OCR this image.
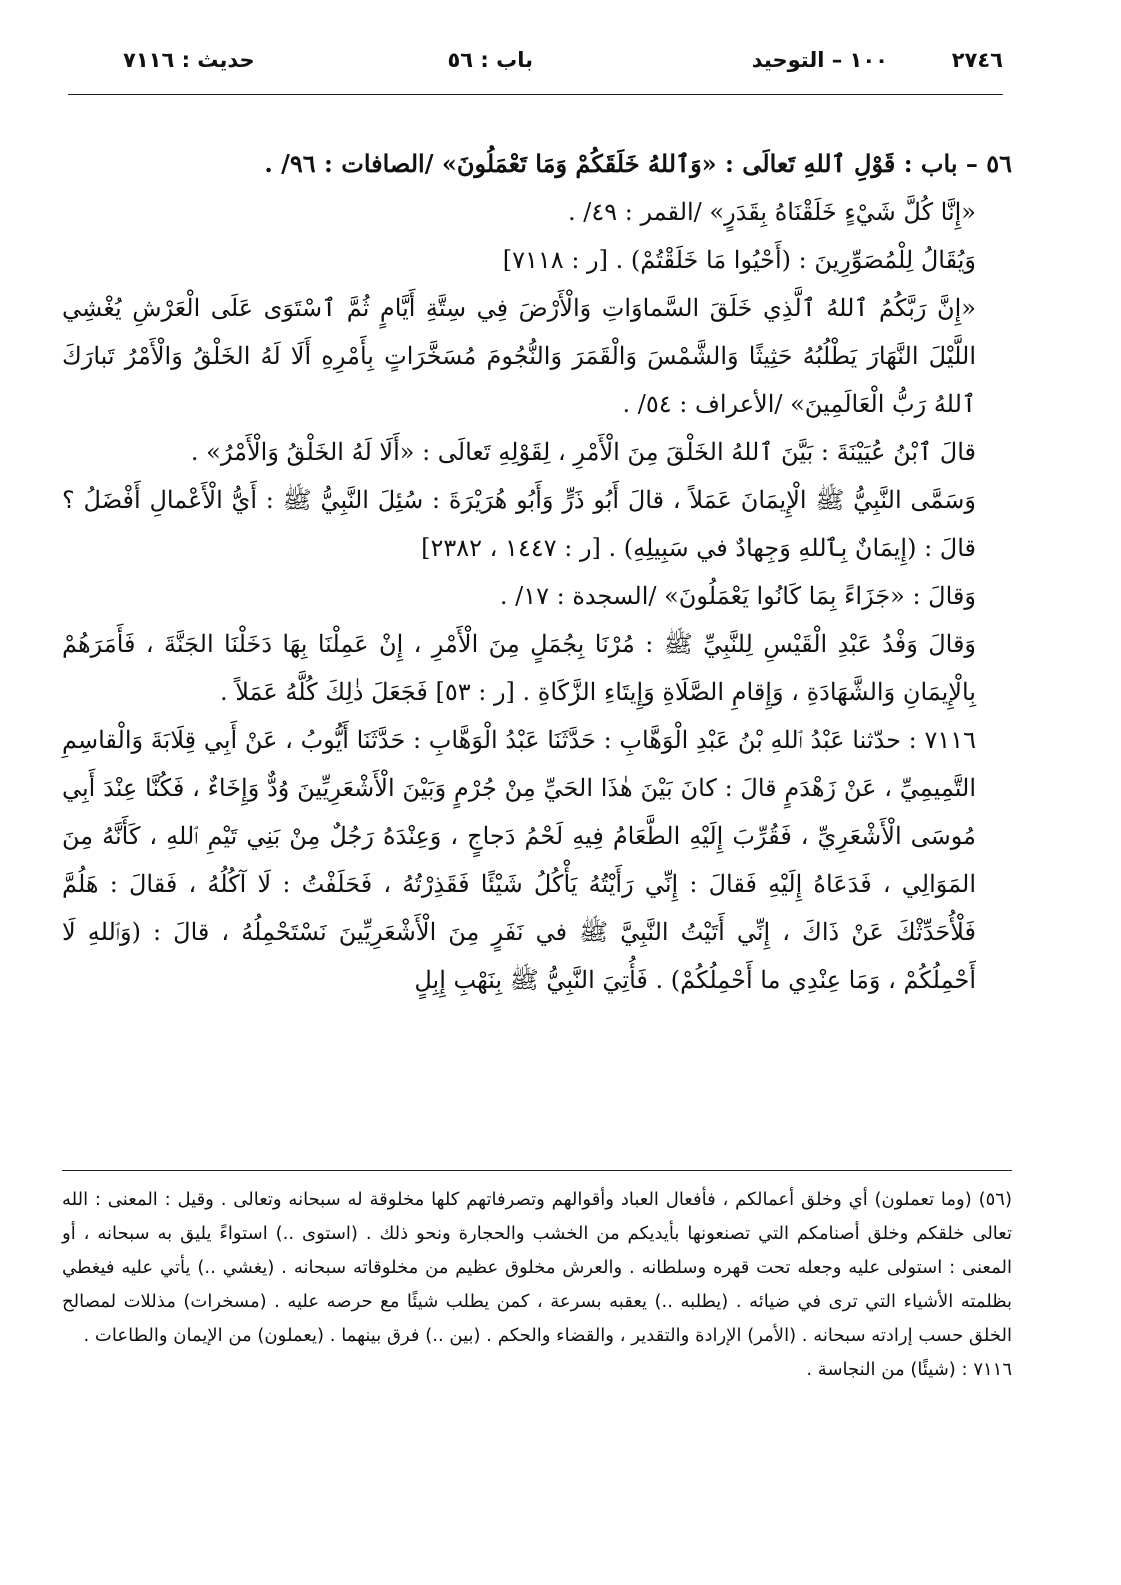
٢٧٤٦
١٠٠ – التوحيد
باب : ٥٦
حديث : ٧١١٦

٥٦ – باب : قَوْلِ ٱللهِ تَعالَى : «وَٱللهُ خَلَقَكُمْ وَمَا تَعْمَلُونَ» /الصافات : ٩٦/ .

«إِنَّا كُلَّ شَيْءٍ خَلَقْنَاهُ بِقَدَرٍ» /القمر : ٤٩/ .

وَيُقَالُ لِلْمُصَوِّرِينَ : (أَحْيُوا مَا خَلَقْتُمْ) . [ر : ٧١١٨]

«إِنَّ رَبَّكُمُ ٱللهُ ٱلَّذِي خَلَقَ السَّماوَاتِ وَالْأَرْضَ فِي سِتَّةِ أَيَّامٍ ثُمَّ ٱسْتَوَى عَلَى الْعَرْشِ يُغْشِي اللَّيْلَ النَّهَارَ يَطْلُبُهُ حَثِيثًا وَالشَّمْسَ وَالْقَمَرَ وَالنُّجُومَ مُسَخَّرَاتٍ بِأَمْرِهِ أَلَا لَهُ الخَلْقُ وَالْأَمْرُ تَبارَكَ ٱللهُ رَبُّ الْعَالَمِينَ» /الأعراف : ٥٤/ .

قالَ ٱبْنُ عُيَيْنَةَ : بَيَّنَ ٱللهُ الخَلْقَ مِنَ الْأَمْرِ ، لِقَوْلِهِ تَعالَى : «أَلَا لَهُ الخَلْقُ وَالْأَمْرُ» .

وَسَمَّى النَّبِيُّ ﷺ الْإِيمَانَ عَمَلاً ، قالَ أَبُو ذَرٍّ وَأَبُو هُرَيْرَةَ : سُئِلَ النَّبِيُّ ﷺ : أَيُّ الْأَعْمالِ أَفْضَلُ ؟ قالَ : (إِيمَانٌ بِٱللهِ وَجِهادٌ في سَبِيلِهِ) . [ر : ١٤٤٧ ، ٢٣٨٢]

وَقالَ : «جَزَاءً بِمَا كَانُوا يَعْمَلُونَ» /السجدة : ١٧/ .

وَقالَ وَفْدُ عَبْدِ الْقَيْسِ لِلنَّبِيِّ ﷺ : مُرْنَا بِجُمَلٍ مِنَ الْأَمْرِ ، إِنْ عَمِلْنَا بِهَا دَخَلْنَا الجَنَّةَ ، فَأَمَرَهُمْ بِالْإِيمَانِ وَالشَّهَادَةِ ، وَإِقامِ الصَّلَاةِ وَإِيتَاءِ الزَّكَاةِ . [ر : ٥٣] فَجَعَلَ ذٰلِكَ كُلَّهُ عَمَلاً .

٧١١٦ : حدّثنا عَبْدُ ٱللهِ بْنُ عَبْدِ الْوَهَّابِ : حَدَّثَنَا عَبْدُ الْوَهَّابِ : حَدَّثَنَا أَيُّوبُ ، عَنْ أَبِي قِلَابَةَ وَالْقاسِمِ التَّمِيمِيِّ ، عَنْ زَهْدَمٍ قالَ : كانَ بَيْنَ هٰذَا الحَيِّ مِنْ جُرْمٍ وَبَيْنَ الْأَشْعَرِيِّينَ وُدٌّ وَإِخَاءٌ ، فَكُنَّا عِنْدَ أَبِي مُوسَى الْأَشْعَرِيِّ ، فَقُرِّبَ إِلَيْهِ الطَّعَامُ فِيهِ لَحْمُ دَجاجٍ ، وَعِنْدَهُ رَجُلٌ مِنْ بَنِي تَيْمِ ٱللهِ ، كَأَنَّهُ مِنَ المَوَالِي ، فَدَعَاهُ إِلَيْهِ فَقالَ : إِنِّي رَأَيْتُهُ يَأْكُلُ شَيْئًا فَقَذِرْتُهُ ، فَحَلَفْتُ : لَا آكُلُهُ ، فَقالَ : هَلُمَّ فَلْأُحَدِّثْكَ عَنْ ذَاكَ ، إِنِّي أَتَيْتُ النَّبِيَّ ﷺ في نَفَرٍ مِنَ الْأَشْعَرِيِّينَ نَسْتَحْمِلُهُ ، قالَ : (وَٱللهِ لَا أَحْمِلُكُمْ ، وَمَا عِنْدِي ما أَحْمِلُكُمْ) . فَأُتِيَ النَّبِيُّ ﷺ بِنَهْبِ إِبِلٍ

(٥٦) (وما تعملون) أي وخلق أعمالكم ، فأفعال العباد وأقوالهم وتصرفاتهم كلها مخلوقة له سبحانه وتعالى . وقيل : المعنى : الله تعالى خلقكم وخلق أصنامكم التي تصنعونها بأيديكم من الخشب والحجارة ونحو ذلك . (استوى ..) استواءً يليق به سبحانه ، أو المعنى : استولى عليه وجعله تحت قهره وسلطانه . والعرش مخلوق عظيم من مخلوقاته سبحانه . (يغشي ..) يأتي عليه فيغطي بظلمته الأشياء التي ترى في ضيائه . (يطلبه ..) يعقبه بسرعة ، كمن يطلب شيئًا مع حرصه عليه . (مسخرات) مذللات لمصالح الخلق حسب إرادته سبحانه . (الأمر) الإرادة والتقدير ، والقضاء والحكم . (بين ..) فرق بينهما . (يعملون) من الإيمان والطاعات .

٧١١٦ : (شيئًا) من النجاسة .
